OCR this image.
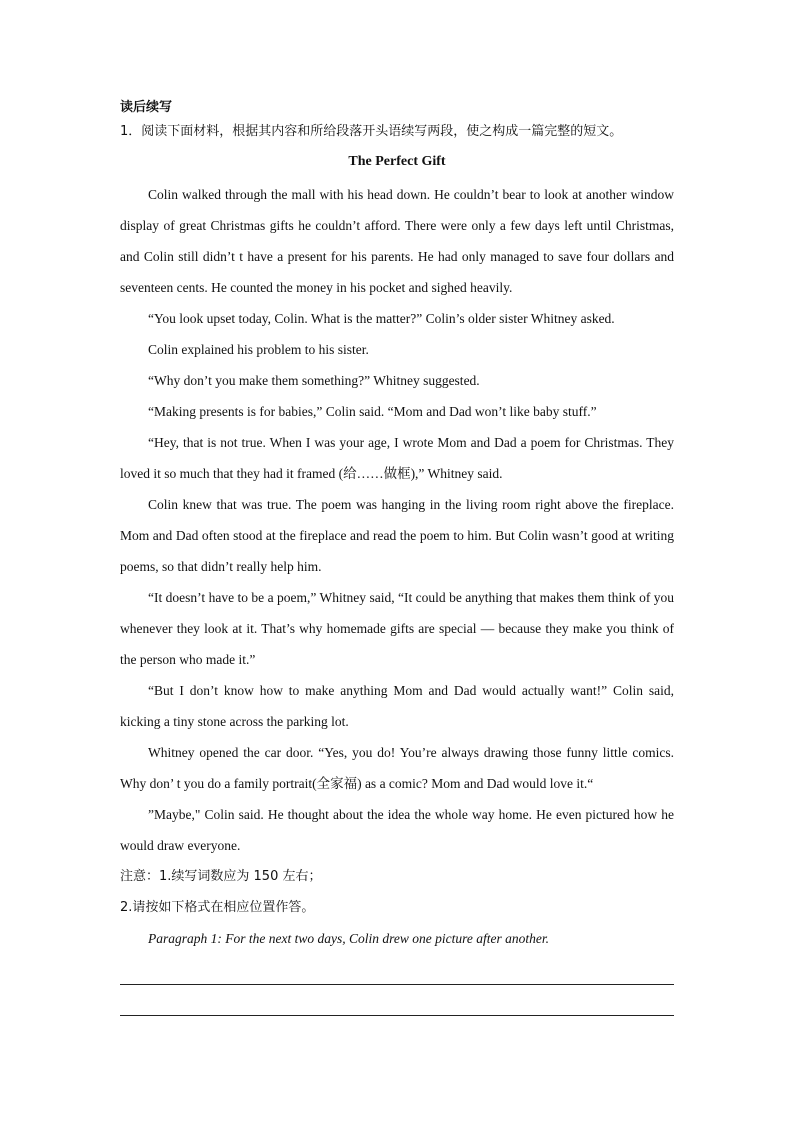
读后续写

1．阅读下面材料，根据其内容和所给段落开头语续写两段，使之构成一篇完整的短文。

The Perfect Gift

Colin walked through the mall with his head down. He couldn’t bear to look at another window display of great Christmas gifts he couldn’t afford. There were only a few days left until Christmas, and Colin still didn’t t have a present for his parents. He had only managed to save four dollars and seventeen cents. He counted the money in his pocket and sighed heavily.

“You look upset today, Colin. What is the matter?” Colin’s older sister Whitney asked.

Colin explained his problem to his sister.

“Why don’t you make them something?” Whitney suggested.

“Making presents is for babies,” Colin said. “Mom and Dad won’t like baby stuff.”

“Hey, that is not true. When I was your age, I wrote Mom and Dad a poem for Christmas. They loved it so much that they had it framed (给……做框),” Whitney said.

Colin knew that was true. The poem was hanging in the living room right above the fireplace. Mom and Dad often stood at the fireplace and read the poem to him. But Colin wasn’t good at writing poems, so that didn’t really help him.

“It doesn’t have to be a poem,” Whitney said, “It could be anything that makes them think of you whenever they look at it. That’s why homemade gifts are special — because they make you think of the person who made it.”

“But I don’t know how to make anything Mom and Dad would actually want!” Colin said, kicking a tiny stone across the parking lot.

Whitney opened the car door. “Yes, you do! You’re always drawing those funny little comics. Why don’ t you do a family portrait(全家福) as a comic? Mom and Dad would love it.“

”Maybe," Colin said. He thought about the idea the whole way home. He even pictured how he would draw everyone.

注意：1.续写词数应为 150 左右；

2.请按如下格式在相应位置作答。

Paragraph 1: For the next two days, Colin drew one picture after another.
